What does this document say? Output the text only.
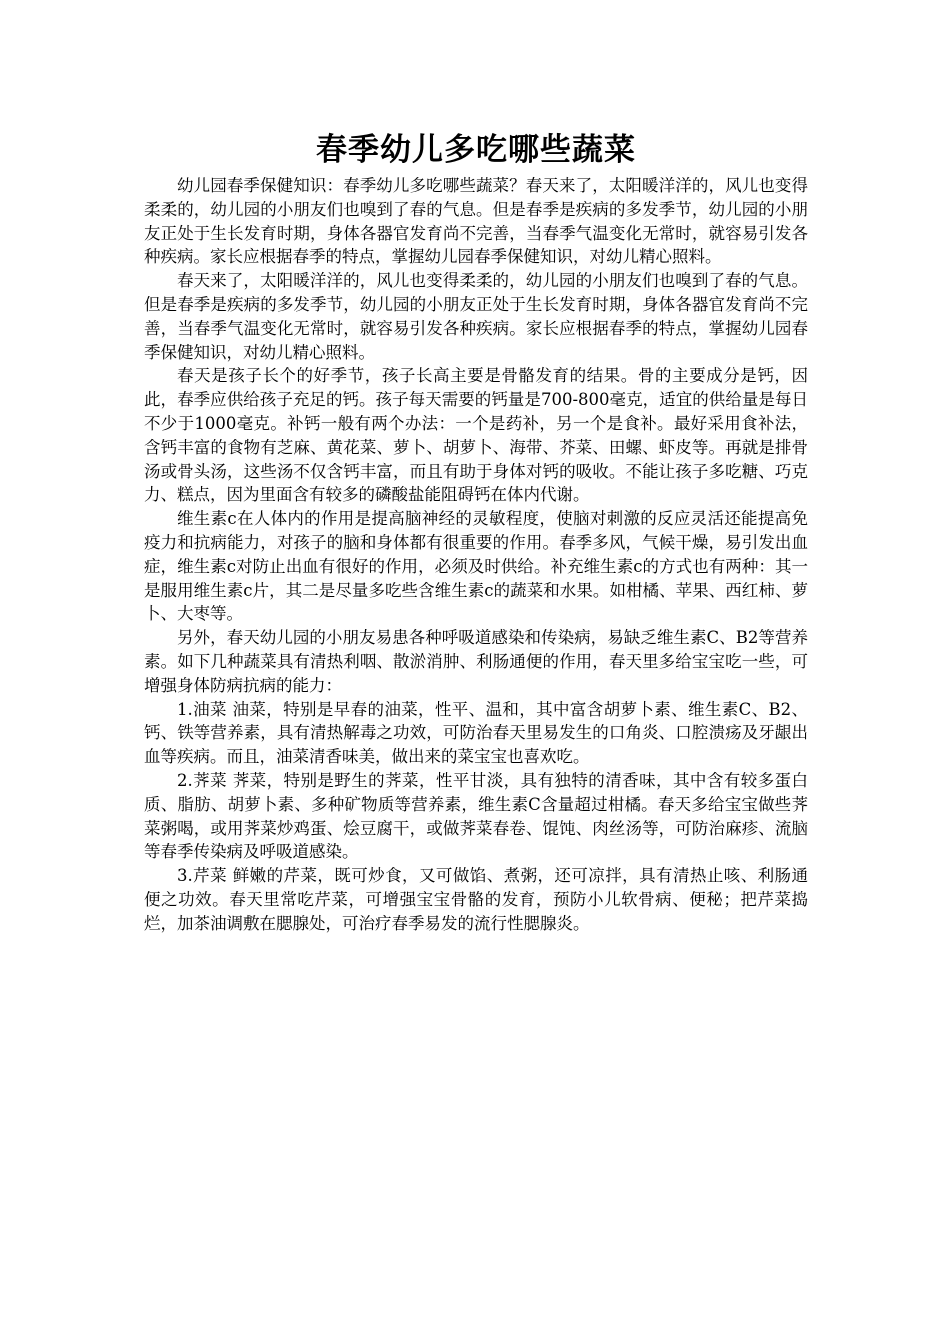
春季幼儿多吃哪些蔬菜

幼儿园春季保健知识：春季幼儿多吃哪些蔬菜？春天来了，太阳暖洋洋的，风儿也变得柔柔的，幼儿园的小朋友们也嗅到了春的气息。但是春季是疾病的多发季节，幼儿园的小朋友正处于生长发育时期，身体各器官发育尚不完善，当春季气温变化无常时，就容易引发各种疾病。家长应根据春季的特点，掌握幼儿园春季保健知识，对幼儿精心照料。

春天来了，太阳暖洋洋的，风儿也变得柔柔的，幼儿园的小朋友们也嗅到了春的气息。但是春季是疾病的多发季节，幼儿园的小朋友正处于生长发育时期，身体各器官发育尚不完善，当春季气温变化无常时，就容易引发各种疾病。家长应根据春季的特点，掌握幼儿园春季保健知识，对幼儿精心照料。

春天是孩子长个的好季节，孩子长高主要是骨骼发育的结果。骨的主要成分是钙，因此，春季应供给孩子充足的钙。孩子每天需要的钙量是700-800毫克，适宜的供给量是每日不少于1000毫克。补钙一般有两个办法：一个是药补，另一个是食补。最好采用食补法，含钙丰富的食物有芝麻、黄花菜、萝卜、胡萝卜、海带、芥菜、田螺、虾皮等。再就是排骨汤或骨头汤，这些汤不仅含钙丰富，而且有助于身体对钙的吸收。不能让孩子多吃糖、巧克力、糕点，因为里面含有较多的磷酸盐能阻碍钙在体内代谢。

维生素c在人体内的作用是提高脑神经的灵敏程度，使脑对刺激的反应灵活还能提高免疫力和抗病能力，对孩子的脑和身体都有很重要的作用。春季多风，气候干燥，易引发出血症，维生素c对防止出血有很好的作用，必须及时供给。补充维生素c的方式也有两种：其一是服用维生素c片，其二是尽量多吃些含维生素c的蔬菜和水果。如柑橘、苹果、西红柿、萝卜、大枣等。

另外，春天幼儿园的小朋友易患各种呼吸道感染和传染病，易缺乏维生素C、B2等营养素。如下几种蔬菜具有清热利咽、散淤消肿、利肠通便的作用，春天里多给宝宝吃一些，可增强身体防病抗病的能力：

1.油菜 油菜，特别是早春的油菜，性平、温和，其中富含胡萝卜素、维生素C、B2、钙、铁等营养素，具有清热解毒之功效，可防治春天里易发生的口角炎、口腔溃疡及牙龈出血等疾病。而且，油菜清香味美，做出来的菜宝宝也喜欢吃。

2.荠菜 荠菜，特别是野生的荠菜，性平甘淡，具有独特的清香味，其中含有较多蛋白质、脂肪、胡萝卜素、多种矿物质等营养素，维生素C含量超过柑橘。春天多给宝宝做些荠菜粥喝，或用荠菜炒鸡蛋、烩豆腐干，或做荠菜春卷、馄饨、肉丝汤等，可防治麻疹、流脑等春季传染病及呼吸道感染。

3.芹菜 鲜嫩的芹菜，既可炒食，又可做馅、煮粥，还可凉拌，具有清热止咳、利肠通便之功效。春天里常吃芹菜，可增强宝宝骨骼的发育，预防小儿软骨病、便秘；把芹菜捣烂，加茶油调敷在腮腺处，可治疗春季易发的流行性腮腺炎。
